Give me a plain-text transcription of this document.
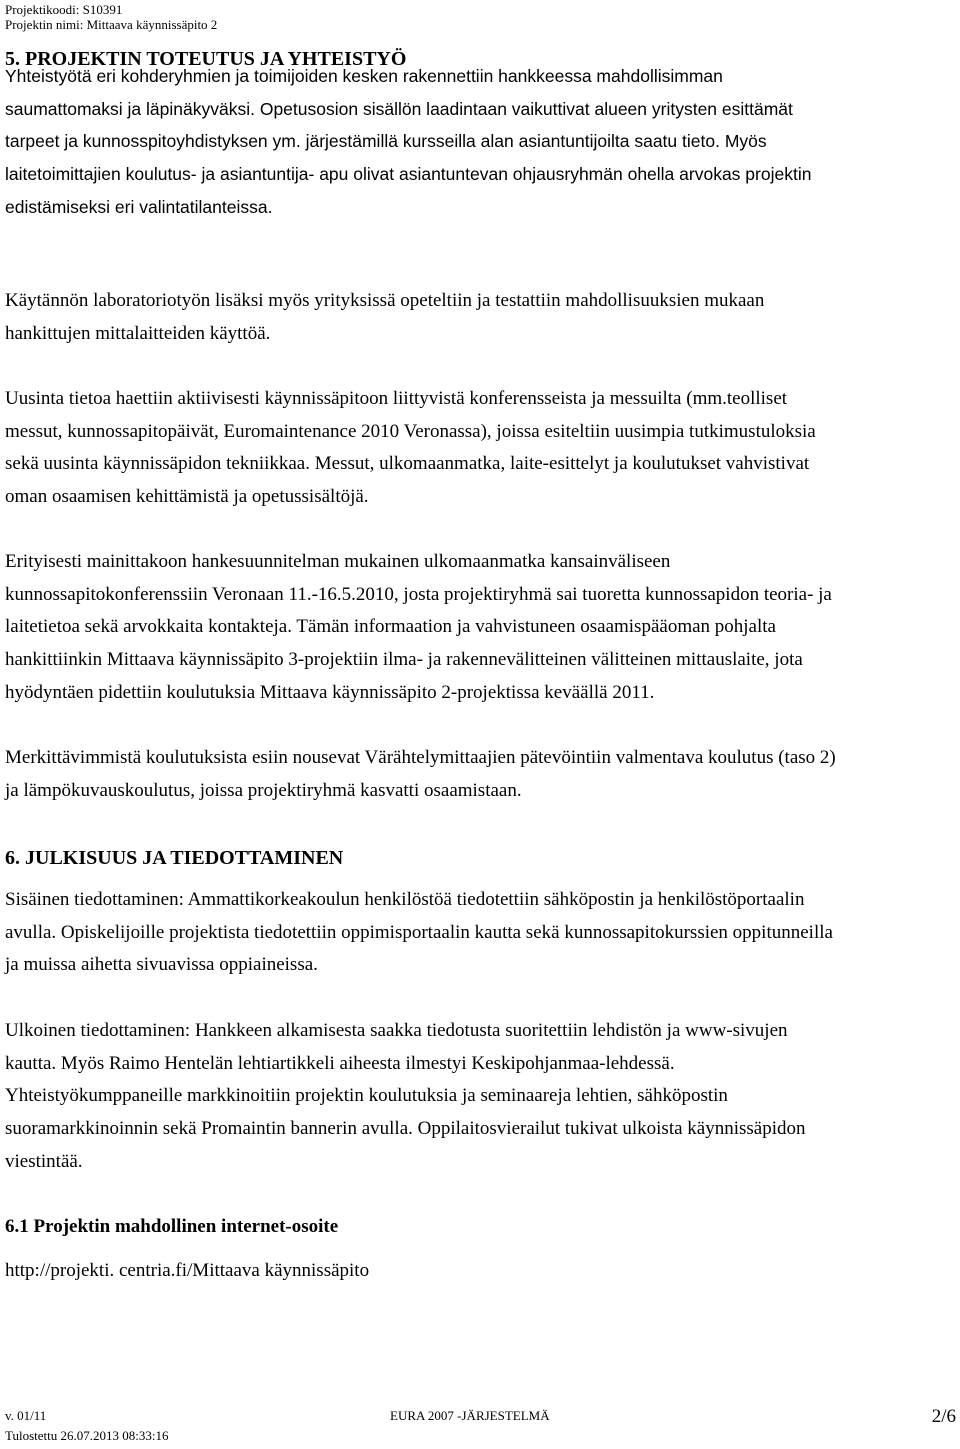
Projektikoodi: S10391
Projektin nimi: Mittaava käynnissäpito 2
5. PROJEKTIN TOTEUTUS JA YHTEISTYÖ
Yhteistyötä eri kohderyhmien ja toimijoiden kesken rakennettiin hankkeessa mahdollisimman
saumattomaksi ja läpinäkyväksi. Opetusosion sisällön laadintaan vaikuttivat alueen yritysten esittämät
tarpeet ja kunnosspitoyhdistyksen ym. järjestämillä kursseilla alan asiantuntijoilta saatu tieto. Myös
laitetoimittajien koulutus- ja asiantuntija- apu olivat asiantuntevan ohjausryhmän ohella arvokas projektin
edistämiseksi eri valintatilanteissa.
Käytännön laboratoriotyön lisäksi myös yrityksissä opeteltiin ja testattiin mahdollisuuksien mukaan
hankittujen mittalaitteiden käyttöä.
Uusinta tietoa haettiin aktiivisesti käynnissäpitoon liittyvistä konferensseista ja messuilta (mm.teolliset
messut, kunnossapitopäivät, Euromaintenance 2010 Veronassa), joissa esiteltiin uusimpia tutkimustuloksia
sekä uusinta käynnissäpidon tekniikkaa. Messut, ulkomaanmatka, laite-esittelyt ja koulutukset vahvistivat
oman osaamisen kehittämistä ja opetussisältöjä.
Erityisesti mainittakoon hankesuunnitelman mukainen ulkomaanmatka kansainväliseen
kunnossapitokonferenssiin Veronaan 11.-16.5.2010, josta projektiryhmä sai tuoretta kunnossapidon teoria- ja
laitetietoa sekä arvokkaita kontakteja. Tämän informaation ja vahvistuneen osaamispääoman pohjalta
hankittiinkin Mittaava käynnissäpito 3-projektiin ilma- ja rakennevälitteinen välitteinen mittauslaite, jota
hyödyntäen pidettiin koulutuksia Mittaava käynnissäpito 2-projektissa keväällä 2011.
Merkittävimmistä koulutuksista esiin nousevat Värähtelymittaajien pätevöintiin valmentava koulutus (taso 2)
ja lämpökuvauskoulutus, joissa projektiryhmä kasvatti osaamistaan.
6. JULKISUUS JA TIEDOTTAMINEN
Sisäinen tiedottaminen: Ammattikorkeakoulun henkilöstöä tiedotettiin sähköpostin ja henkilöstöportaalin
avulla. Opiskelijoille projektista tiedotettiin oppimisportaalin kautta sekä kunnossapitokurssien oppitunneilla
ja muissa aihetta sivuavissa oppiaineissa.
Ulkoinen tiedottaminen: Hankkeen alkamisesta saakka tiedotusta suoritettiin lehdistön ja www-sivujen
kautta. Myös Raimo Hentelän lehtiartikkeli aiheesta ilmestyi Keskipohjanmaa-lehdessä.
Yhteistyökumppaneille markkinoitiin projektin koulutuksia ja seminaareja lehtien, sähköpostin
suoramarkkinoinnin sekä Promaintin bannerin avulla. Oppilaitosvierailut tukivat ulkoista käynnissäpidon
viestintää.
6.1 Projektin mahdollinen internet-osoite
http://projekti. centria.fi/Mittaava käynnissäpito
v. 01/11
Tulostettu 26.07.2013 08:33:16
EURA 2007 -JÄRJESTELMÄ	2/6
